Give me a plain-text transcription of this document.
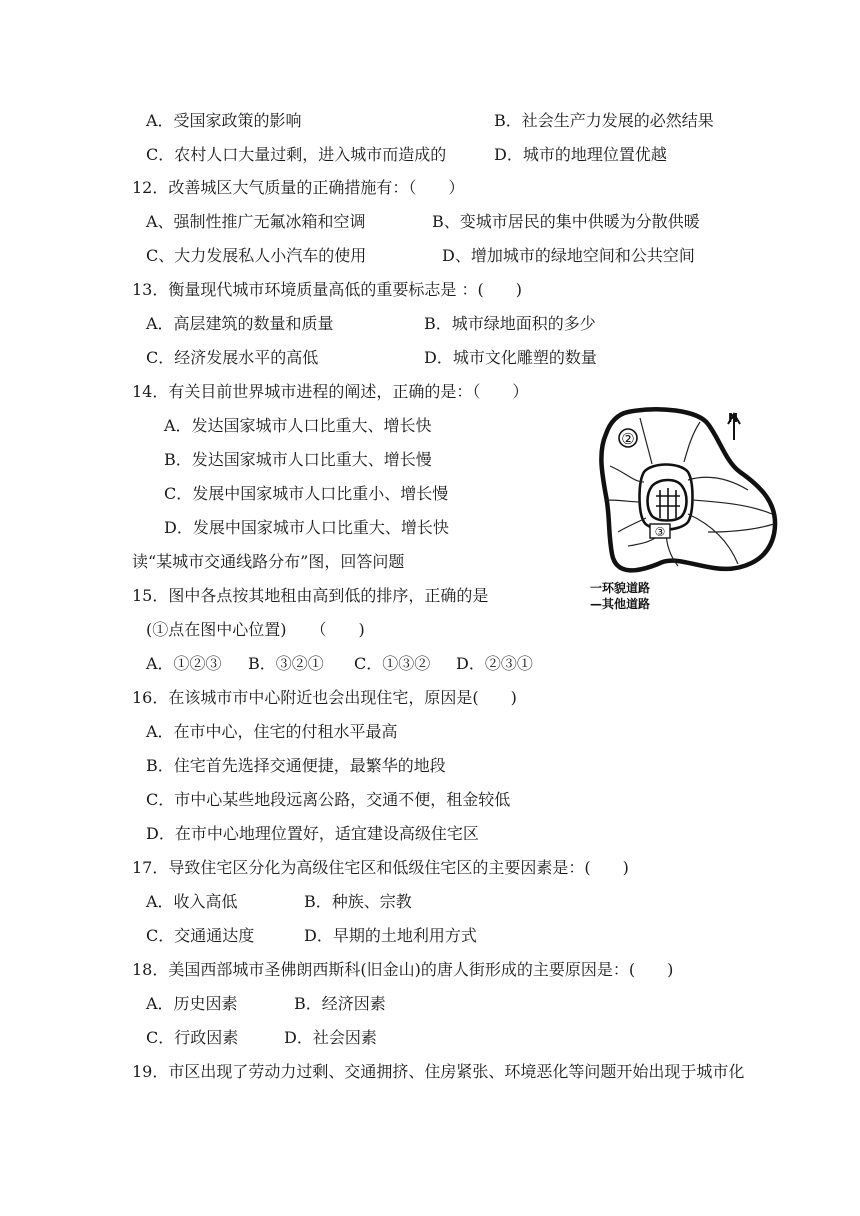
A．受国家政策的影响	B．社会生产力发展的必然结果
C．农村人口大量过剩，进入城市而造成的	D．城市的地理位置优越
12．改善城区大气质量的正确措施有：（　　）
A、强制性推广无氟冰箱和空调	B、变城市居民的集中供暖为分散供暖
C、大力发展私人小汽车的使用	D、增加城市的绿地空间和公共空间
13．衡量现代城市环境质量高低的重要标志是 ：(　　)
A．高层建筑的数量和质量	B．城市绿地面积的多少
C．经济发展水平的高低	D．城市文化雕塑的数量
14．有关目前世界城市进程的阐述，正确的是：（　　）
A．发达国家城市人口比重大、增长快
B．发达国家城市人口比重大、增长慢
C．发展中国家城市人口比重小、增长慢
D．发展中国家城市人口比重大、增长快
读“某城市交通线路分布”图，回答问题
15．图中各点按其地租由高到低的排序，正确的是
(①点在图中心位置)　　（　　)
A．①②③ B．③②① C．①③② D．②③①
16．在该城市市中心附近也会出现住宅，原因是(　　)
A．在市中心，住宅的付租水平最高
B．住宅首先选择交通便捷，最繁华的地段
C．市中心某些地段远离公路，交通不便，租金较低
D．在市中心地理位置好，适宜建设高级住宅区
17．导致住宅区分化为高级住宅区和低级住宅区的主要因素是：(　　)
A．收入高低	B．种族、宗教
C．交通通达度	D．早期的土地利用方式
18．美国西部城市圣佛朗西斯科(旧金山)的唐人街形成的主要原因是：(　　)
A．历史因素	B．经济因素
C．行政因素	D．社会因素
19．市区出现了劳动力过剩、交通拥挤、住房紧张、环境恶化等问题开始出现于城市化
②
③
N
一环貌道路
—其他道路
